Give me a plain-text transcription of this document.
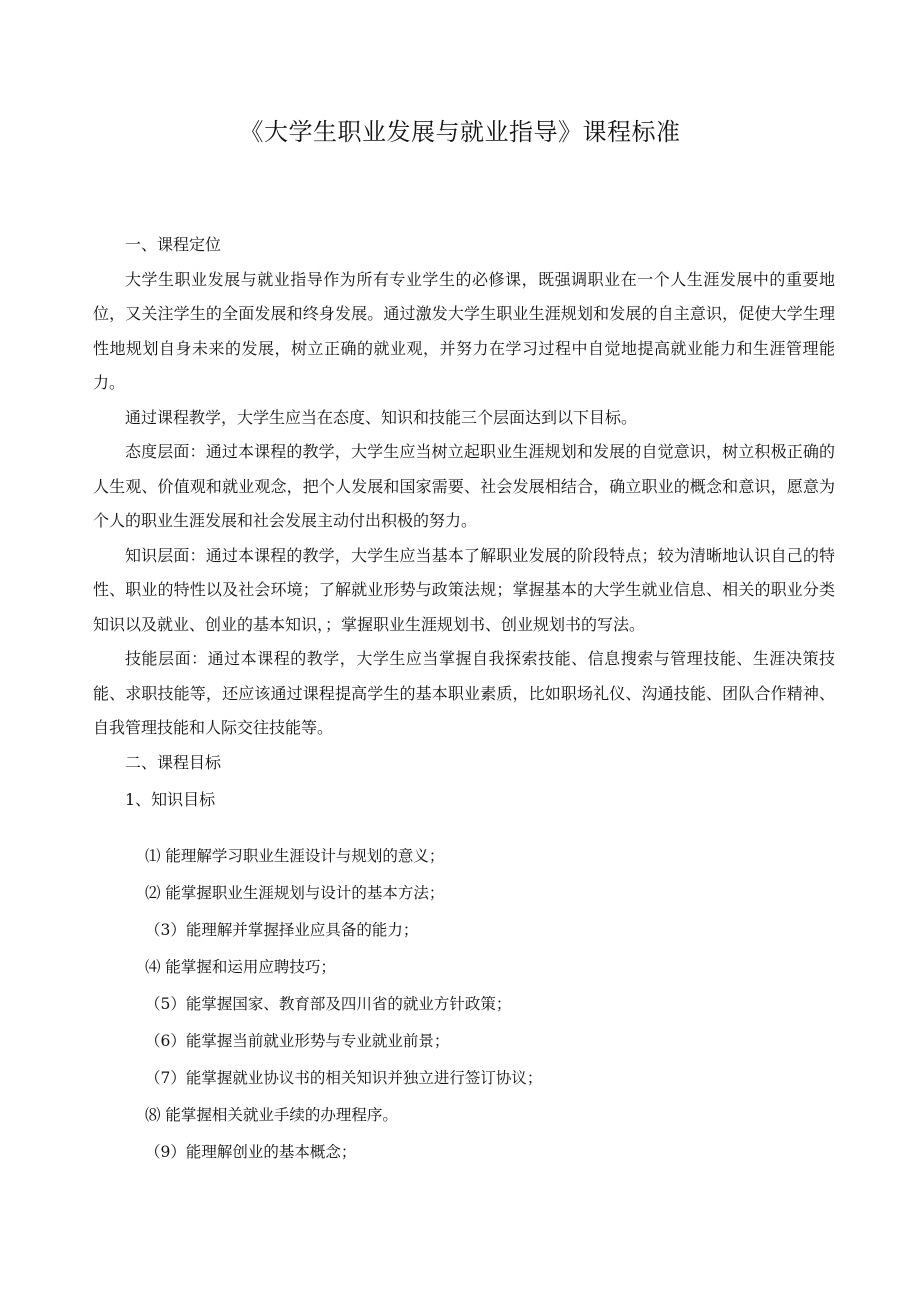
《大学生职业发展与就业指导》课程标准

一、课程定位

大学生职业发展与就业指导作为所有专业学生的必修课，既强调职业在一个人生涯发展中的重要地位，又关注学生的全面发展和终身发展。通过激发大学生职业生涯规划和发展的自主意识，促使大学生理性地规划自身未来的发展，树立正确的就业观，并努力在学习过程中自觉地提高就业能力和生涯管理能力。

通过课程教学，大学生应当在态度、知识和技能三个层面达到以下目标。

态度层面：通过本课程的教学，大学生应当树立起职业生涯规划和发展的自觉意识，树立积极正确的人生观、价值观和就业观念，把个人发展和国家需要、社会发展相结合，确立职业的概念和意识，愿意为个人的职业生涯发展和社会发展主动付出积极的努力。

知识层面：通过本课程的教学，大学生应当基本了解职业发展的阶段特点；较为清晰地认识自己的特性、职业的特性以及社会环境；了解就业形势与政策法规；掌握基本的大学生就业信息、相关的职业分类知识以及就业、创业的基本知识，；掌握职业生涯规划书、创业规划书的写法。

技能层面：通过本课程的教学，大学生应当掌握自我探索技能、信息搜索与管理技能、生涯决策技能、求职技能等，还应该通过课程提高学生的基本职业素质，比如职场礼仪、沟通技能、团队合作精神、自我管理技能和人际交往技能等。

二、课程目标

1、知识目标

⑴ 能理解学习职业生涯设计与规划的意义；
⑵ 能掌握职业生涯规划与设计的基本方法；
（3）能理解并掌握择业应具备的能力；
⑷ 能掌握和运用应聘技巧；
（5）能掌握国家、教育部及四川省的就业方针政策；
（6）能掌握当前就业形势与专业就业前景；
（7）能掌握就业协议书的相关知识并独立进行签订协议；
⑻ 能掌握相关就业手续的办理程序。
（9）能理解创业的基本概念；
